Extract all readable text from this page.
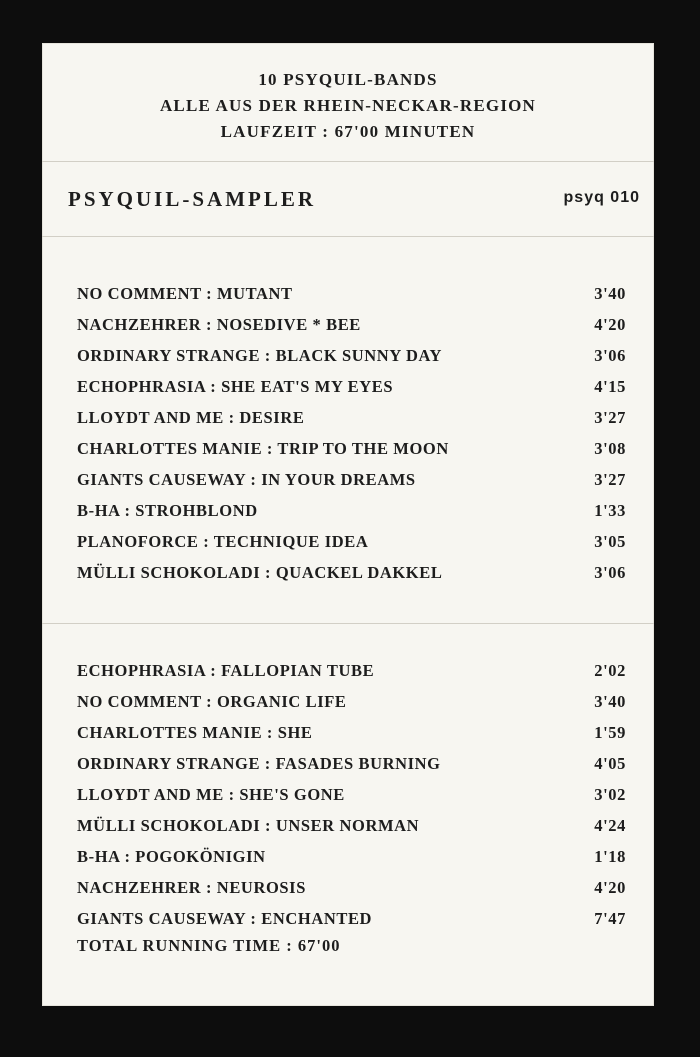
10 PSYQUIL-BANDS
ALLE AUS DER RHEIN-NECKAR-REGION
LAUFZEIT : 67'00 MINUTEN
PSYQUIL-SAMPLER	psyq 010
NO COMMENT : MUTANT	3'40
NACHZEHRER : NOSEDIVE * BEE	4'20
ORDINARY STRANGE : BLACK SUNNY DAY	3'06
ECHOPHRASIA : SHE EAT'S MY EYES	4'15
LLOYDT AND ME : DESIRE	3'27
CHARLOTTES MANIE : TRIP TO THE MOON	3'08
GIANTS CAUSEWAY : IN YOUR DREAMS	3'27
B-HA : STROHBLOND	1'33
PLANOFORCE : TECHNIQUE IDEA	3'05
MÜLLI SCHOKOLADI : QUACKEL DAKKEL	3'06
ECHOPHRASIA : FALLOPIAN TUBE	2'02
NO COMMENT : ORGANIC LIFE	3'40
CHARLOTTES MANIE : SHE	1'59
ORDINARY STRANGE : FASADES BURNING	4'05
LLOYDT AND ME : SHE'S GONE	3'02
MÜLLI SCHOKOLADI : UNSER NORMAN	4'24
B-HA : POGOKÖNIGIN	1'18
NACHZEHRER : NEUROSIS	4'20
GIANTS CAUSEWAY : ENCHANTED	7'47
TOTAL RUNNING TIME : 67'00
